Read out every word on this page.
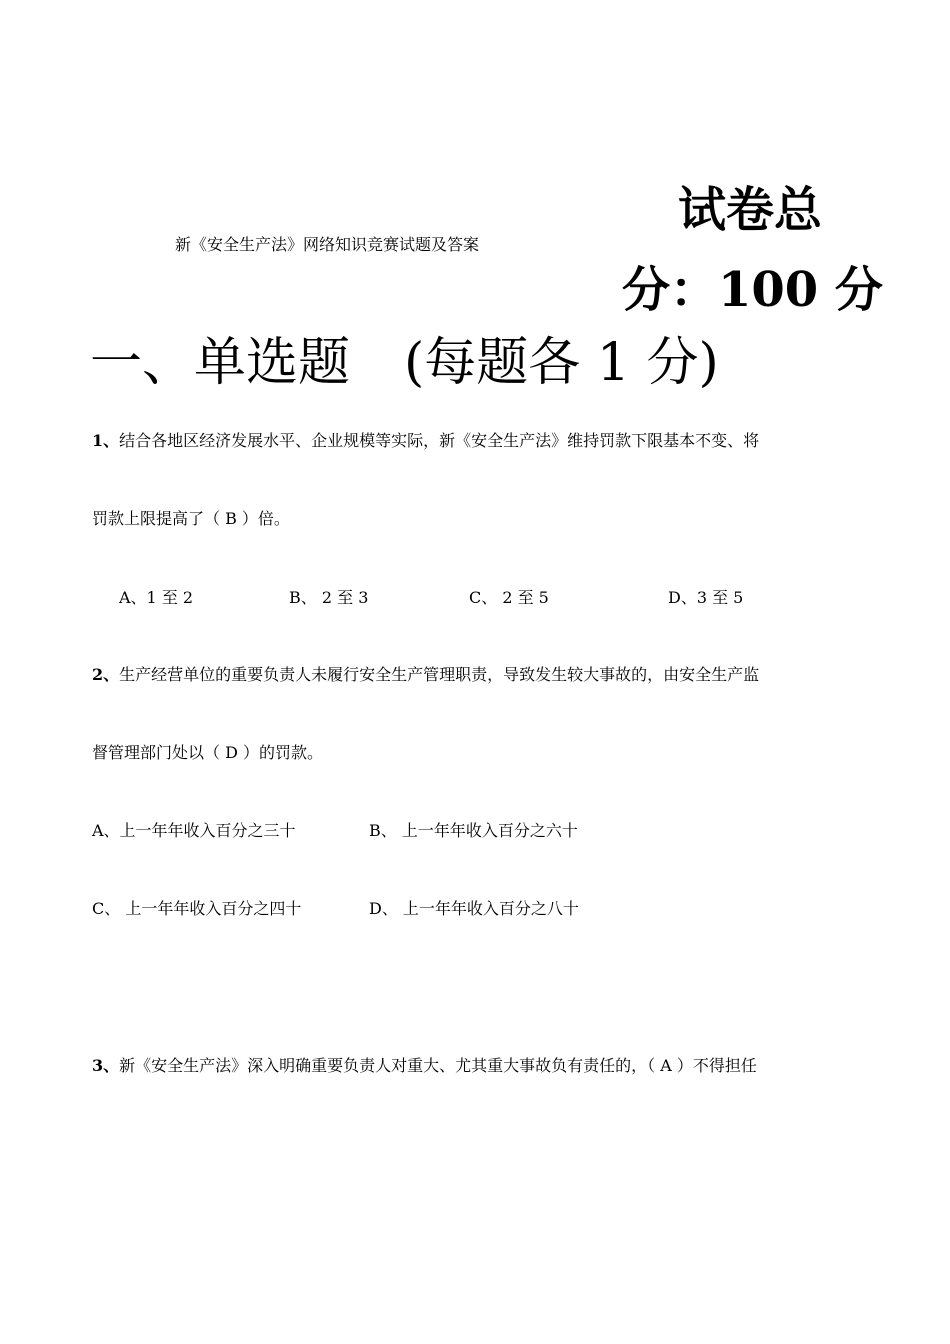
新《安全生产法》网络知识竞赛试题及答案
试卷总
分：100 分
一、单选题 (每题各 1 分)
1、结合各地区经济发展水平、企业规模等实际，新《安全生产法》维持罚款下限基本不变、将
罚款上限提高了（ B ）倍。
A、1 至 2	B、 2 至 3	C、 2 至 5	D、3 至 5
2、生产经营单位的重要负责人未履行安全生产管理职责，导致发生较大事故的，由安全生产监
督管理部门处以（ D ）的罚款。
A、上一年年收入百分之三十	B、 上一年年收入百分之六十
C、 上一年年收入百分之四十	D、 上一年年收入百分之八十
3、新《安全生产法》深入明确重要负责人对重大、尤其重大事故负有责任的，（ A ）不得担任
